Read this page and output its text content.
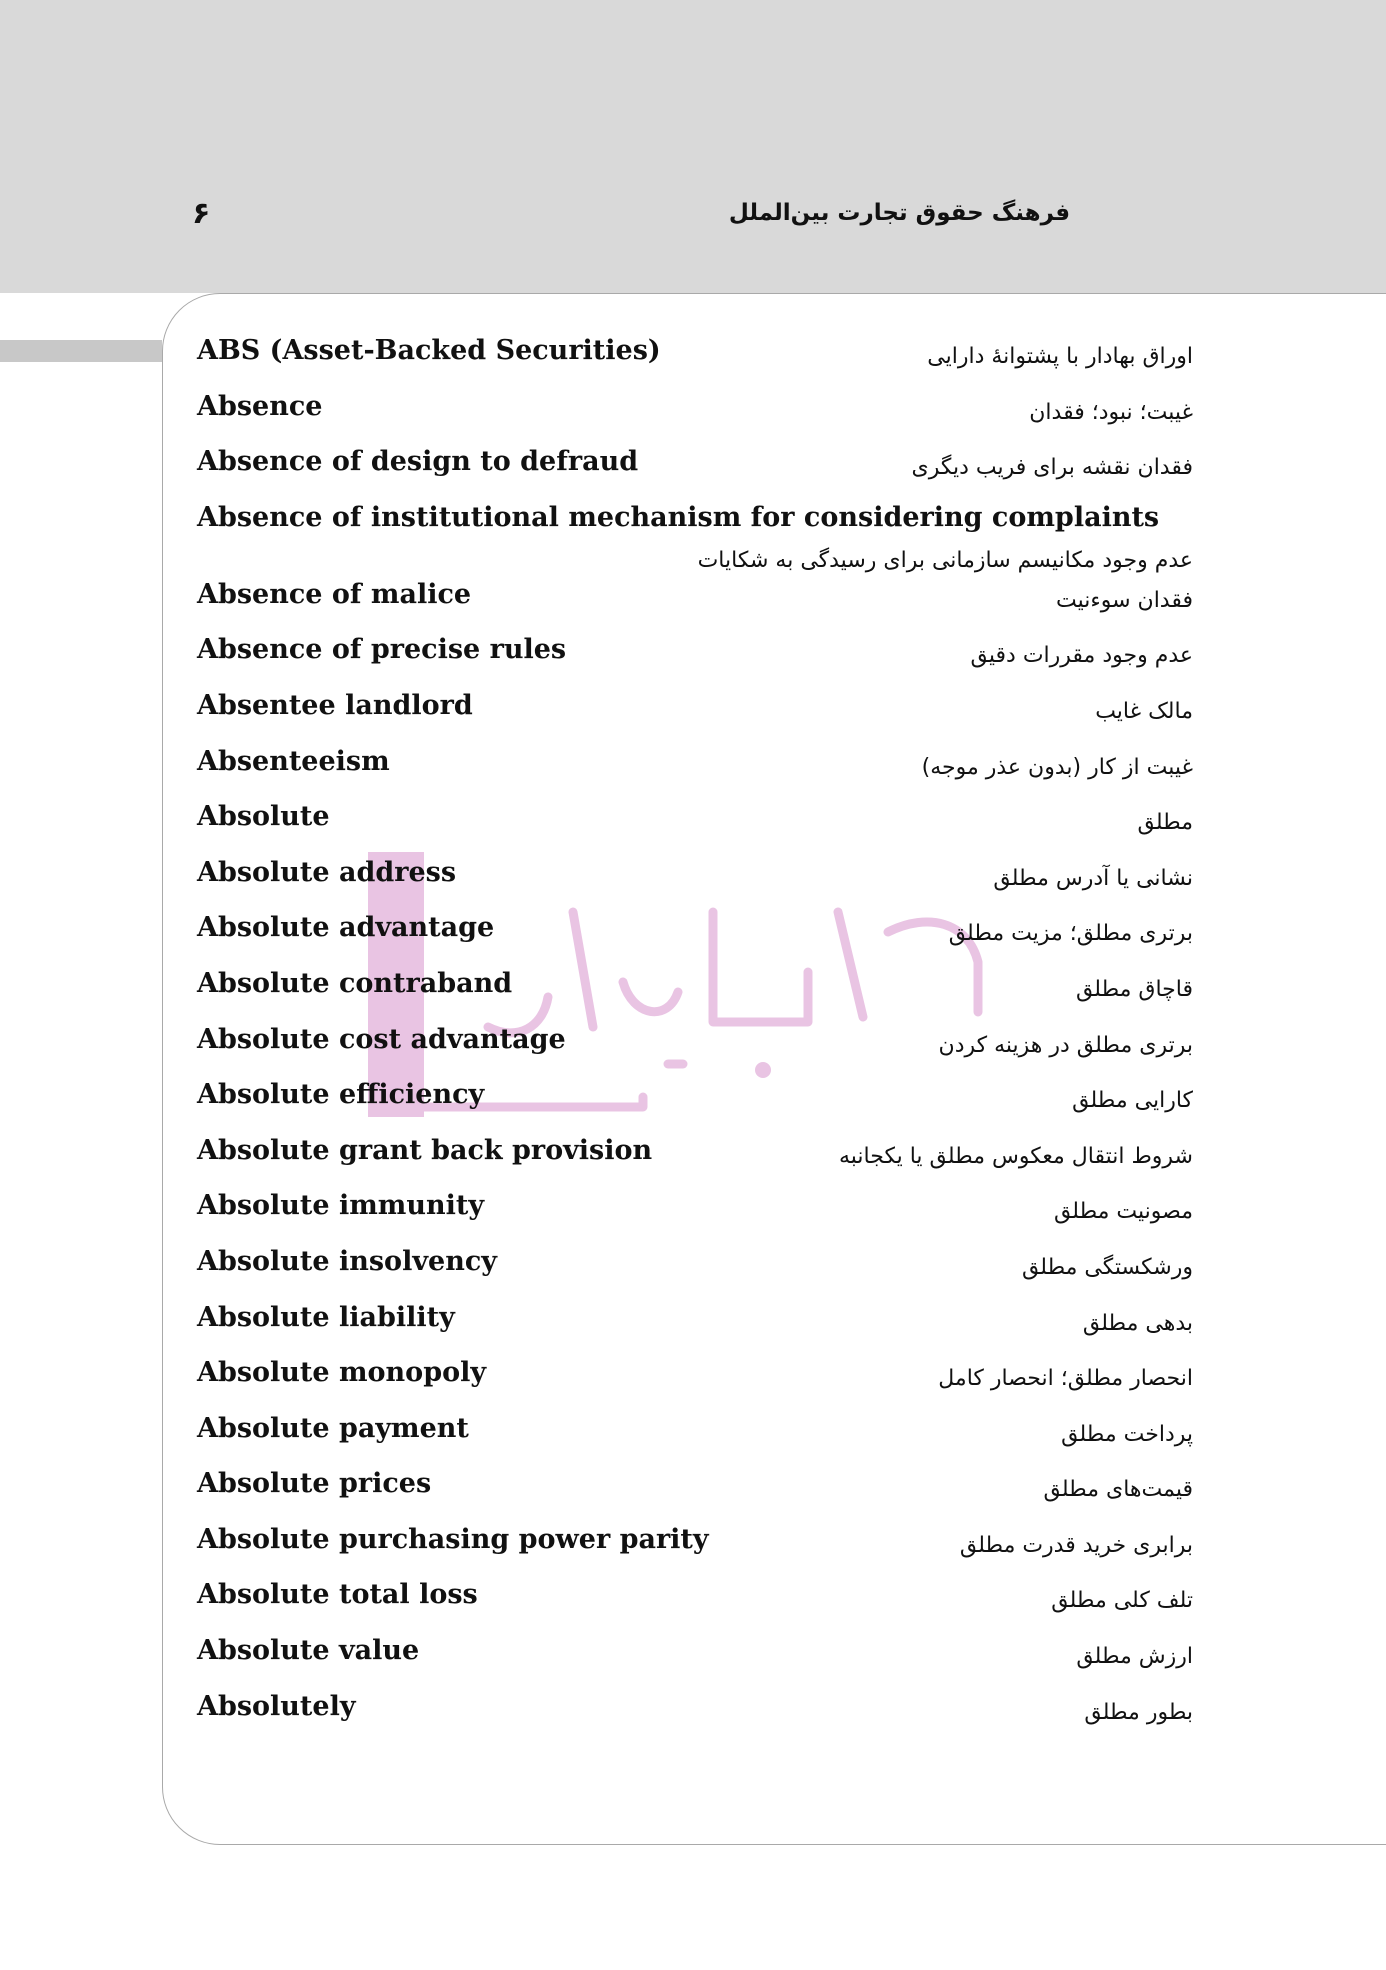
۶	فرهنگ حقوق تجارت بین‌الملل
ABS (Asset-Backed Securities)	اوراق بهادار با پشتوانهٔ دارایی
Absence	غیبت؛ نبود؛ فقدان
Absence of design to defraud	فقدان نقشه برای فریب دیگری
Absence of institutional mechanism for considering complaints
عدم وجود مکانیسم سازمانی برای رسیدگی به شکایات
Absence of malice	فقدان سوءنیت
Absence of precise rules	عدم وجود مقررات دقیق
Absentee landlord	مالک غایب
Absenteeism	غیبت از کار (بدون عذر موجه)
Absolute	مطلق
Absolute address	نشانی یا آدرس مطلق
Absolute advantage	برتری مطلق؛ مزیت مطلق
Absolute contraband	قاچاق مطلق
Absolute cost advantage	برتری مطلق در هزینه کردن
Absolute efficiency	کارایی مطلق
Absolute grant back provision	شروط انتقال معکوس مطلق یا یکجانبه
Absolute immunity	مصونیت مطلق
Absolute insolvency	ورشکستگی مطلق
Absolute liability	بدهی مطلق
Absolute monopoly	انحصار مطلق؛ انحصار کامل
Absolute payment	پرداخت مطلق
Absolute prices	قیمت‌های مطلق
Absolute purchasing power parity	برابری خرید قدرت مطلق
Absolute total loss	تلف کلی مطلق
Absolute value	ارزش مطلق
Absolutely	بطور مطلق
